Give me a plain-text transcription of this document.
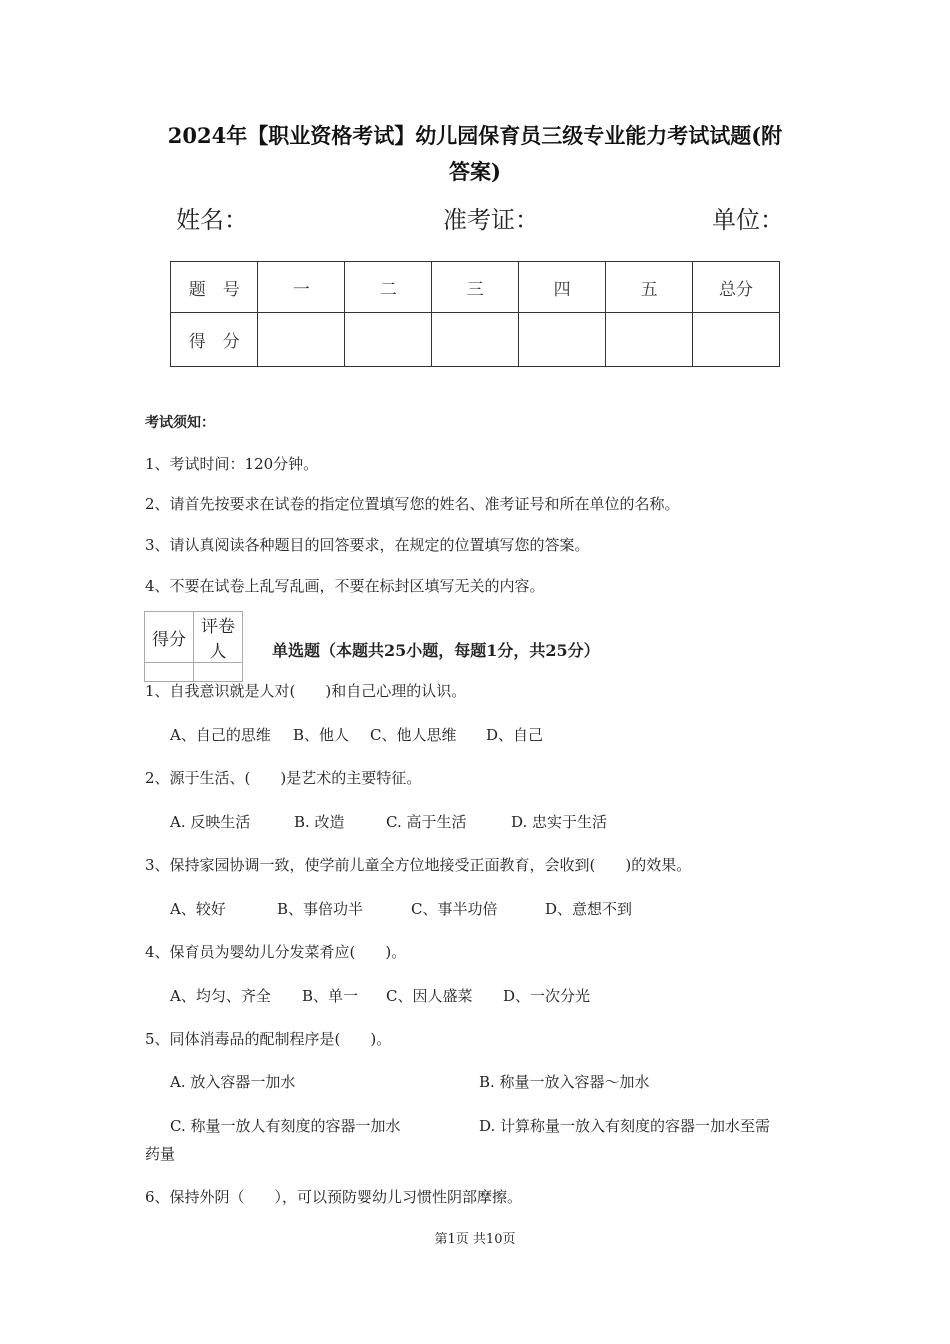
2024年【职业资格考试】幼儿园保育员三级专业能力考试试题(附
答案)
姓名：	准考证：	单位：
题　号	一	二	三	四	五	总分
得　分						
考试须知：
1、考试时间：120分钟。
2、请首先按要求在试卷的指定位置填写您的姓名、准考证号和所在单位的名称。
3、请认真阅读各种题目的回答要求，在规定的位置填写您的答案。
4、不要在试卷上乱写乱画，不要在标封区填写无关的内容。
得分	评卷人
		单选题（本题共25小题，每题1分，共25分）
1、自我意识就是人对(　　)和自己心理的认识。
A、自己的思维 B、他人 C、他人思维 D、自己
2、源于生活、(　　)是艺术的主要特征。
A. 反映生活	B. 改造	C. 高于生活	D. 忠实于生活
3、保持家园协调一致，使学前儿童全方位地接受正面教育，会收到(　　)的效果。
A、较好	B、事倍功半	C、事半功倍	D、意想不到
4、保育员为婴幼儿分发菜肴应(　　)。
A、均匀、齐全 B、单一 C、因人盛菜 D、一次分光
5、同体消毒品的配制程序是(　　)。
A. 放入容器一加水	B. 称量一放入容器～加水
C. 称量一放人有刻度的容器一加水	D. 计算称量一放入有刻度的容器一加水至需
药量
6、保持外阴（　　），可以预防婴幼儿习惯性阴部摩擦。
第1页 共10页
